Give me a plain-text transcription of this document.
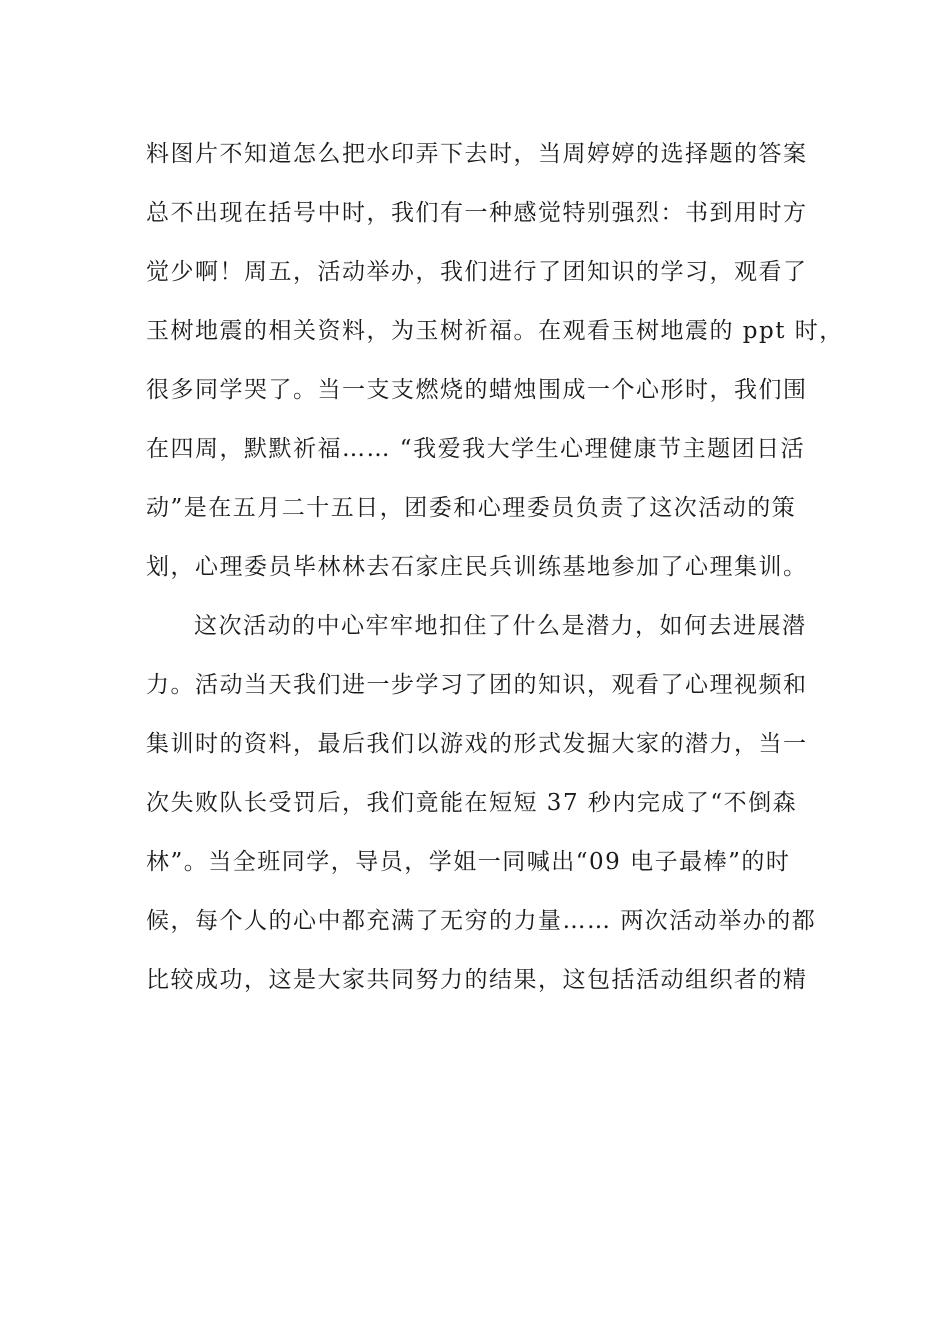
料图片不知道怎么把水印弄下去时，当周婷婷的选择题的答案
总不出现在括号中时，我们有一种感觉特别强烈：书到用时方
觉少啊！周五，活动举办，我们进行了团知识的学习，观看了
玉树地震的相关资料，为玉树祈福。在观看玉树地震的 ppt 时，
很多同学哭了。当一支支燃烧的蜡烛围成一个心形时，我们围
在四周，默默祈福…… “我爱我大学生心理健康节主题团日活
动”是在五月二十五日，团委和心理委员负责了这次活动的策
划，心理委员毕林林去石家庄民兵训练基地参加了心理集训。
这次活动的中心牢牢地扣住了什么是潜力，如何去进展潜
力。活动当天我们进一步学习了团的知识，观看了心理视频和
集训时的资料，最后我们以游戏的形式发掘大家的潜力，当一
次失败队长受罚后，我们竟能在短短 37 秒内完成了“不倒森
林”。当全班同学，导员，学姐一同喊出“09 电子最棒”的时
候，每个人的心中都充满了无穷的力量…… 两次活动举办的都
比较成功，这是大家共同努力的结果，这包括活动组织者的精
